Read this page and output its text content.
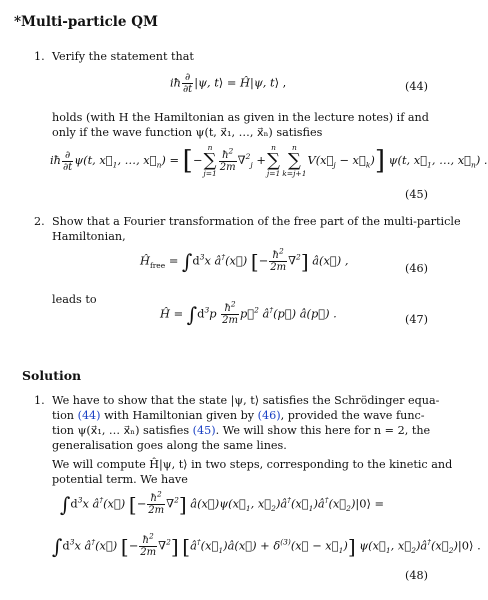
*Multi-particle QM
1. Verify the statement that
iħ $\frac{\partial}{\partial t} |\psi$, t⟩ = Ĥ|ψ, t⟩ ,	(44)
holds (with H the Hamiltonian as given in the lecture notes) if and
only if the wave function ψ(t, x⃗₁, …, x⃗ₙ) satisfies
iħ $\frac{\partial}{\partial t} \psi(t$, $x⃗_1$, …, $x⃗_n$) = [−
n
∑
j=1
$\frac{ħ^2}{2m} \nabla^2_j$ +
n
∑
j=1
n
∑
k=j+1
$V(x⃗_j$ − $x⃗_k$)] ψ(t, $x⃗_1$, …, $x⃗_n$) .
(45)
2. Show that a Fourier transformation of the free part of the multi-particle
Hamiltonian,
$Ĥ_{free} = \int d^3x$ â†(x⃗) [− $\frac{ħ^2}{2m} \nabla^2$] â(x⃗) ,
(46)
leads to
Ĥ = $\int d^3p \frac{ħ^2}{2m}$ p⃗$^2$ â†(p⃗) â(p⃗) .	(47)
Solution
1. We have to show that the state |ψ, t⟩ satisfies the Schrödinger equa-
tion (44) with Hamiltonian given by (46), provided the wave func-
tion ψ(x⃗₁, … x⃗ₙ) satisfies (45). We will show this here for n = 2, the
generalisation goes along the same lines.
We will compute Ĥ|ψ, t⟩ in two steps, corresponding to the kinetic and
potential term. We have
$\int d^3x$ â†(x⃗) [− $\frac{ħ^2}{2m} \nabla^2$] $â(x⃗)\psi(x⃗_1$, $x⃗_2)â^\dagger(x⃗_1)â^\dagger(x⃗_2)|0⟩$ =
$\int d^3x$ â†(x⃗) [− $\frac{ħ^2}{2m} \nabla^2$] [$â^\dagger(x⃗_1)â(x⃗)$ + $\delta^{(3)}(x⃗$ − $x⃗_1$)] $\psi(x⃗_1$, $x⃗_2)â^\dagger(x⃗_2)|0⟩$ .
(48)
